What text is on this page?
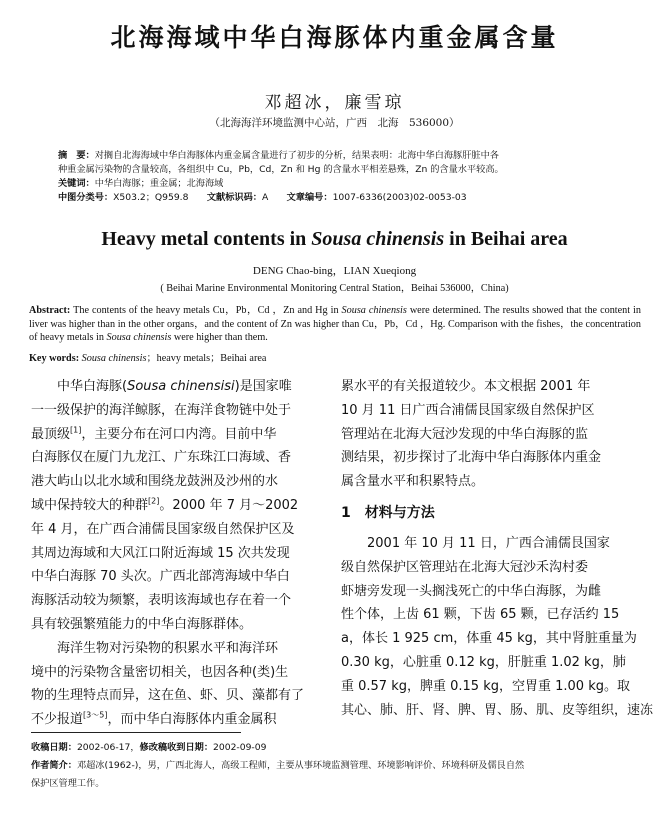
北海海域中华白海豚体内重金属含量
邓超冰，廉雪琼
（北海海洋环境监测中心站，广西　北海　536000）
摘　要：对搁自北海海域中华白海豚体内重金属含量进行了初步的分析，结果表明：北海中华白海豚肝脏中各
种重金属污染物的含量较高，各组织中 Cu，Pb，Cd，Zn 和 Hg 的含量水平相差悬殊，Zn 的含量水平较高。
关键词：中华白海豚；重金属；北海海域
中图分类号：X503.2；Q959.8   文献标识码：A   文章编号：1007-6336(2003)02-0053-03
Heavy metal contents in Sousa chinensis in Beihai area
DENG Chao-bing，LIAN Xueqiong
( Beihai Marine Environmental Monitoring Central Station，Beihai 536000，China)
Abstract: The contents of the heavy metals Cu，Pb，Cd ，Zn and Hg in Sousa chinensis were determined. The results showed that the content in liver was higher than in the other organs，and the content of Zn was higher than Cu，Pb，Cd ，Hg. Comparison with the fishes，the concentration of heavy metals in Sousa chinensis were higher than them.
Key words: Sousa chinensis；heavy metals；Beihai area
　　中华白海豚(Sousa chinensisi)是国家唯
一一级保护的海洋鲸豚，在海洋食物链中处于
最顶级[1]，主要分布在河口内湾。目前中华
白海豚仅在厦门九龙江、广东珠江口海域、香
港大屿山以北水域和围绕龙鼓洲及沙州的水
域中保持较大的种群[2]。2000 年 7 月～2002
年 4 月，在广西合浦儒艮国家级自然保护区及
其周边海域和大风江口附近海域 15 次共发现
中华白海豚 70 头次。广西北部湾海域中华白
海豚活动较为频繁，表明该海域也存在着一个
具有较强繁殖能力的中华白海豚群体。
　　海洋生物对污染物的积累水平和海洋环
境中的污染物含量密切相关，也因各种(类)生
物的生理特点而异，这在鱼、虾、贝、藻都有了
不少报道[3～5]，而中华白海豚体内重金属积
累水平的有关报道较少。本文根据 2001 年
10 月 11 日广西合浦儒艮国家级自然保护区
管理站在北海大冠沙发现的中华白海豚的监
测结果，初步探讨了北海中华白海豚体内重金
属含量水平和积累特点。
1　材料与方法
　　2001 年 10 月 11 日，广西合浦儒艮国家
级自然保护区管理站在北海大冠沙禾沟村委
虾塘旁发现一头搁浅死亡的中华白海豚，为雌
性个体，上齿 61 颗，下齿 65 颗，已存活约 15
a，体长 1 925 cm，体重 45 kg，其中肾脏重量为
0.30 kg，心脏重 0.12 kg，肝脏重 1.02 kg，肺
重 0.57 kg，脾重 0.15 kg，空胃重 1.00 kg。取
其心、肺、肝、肾、脾、胃、肠、肌、皮等组织，速冻
收稿日期：2002-06-17，修改稿收到日期：2002-09-09
作者简介：邓超冰(1962-)，男，广西北海人，高级工程师，主要从事环境监测管理、环境影响评价、环境科研及儒艮自然
保护区管理工作。
